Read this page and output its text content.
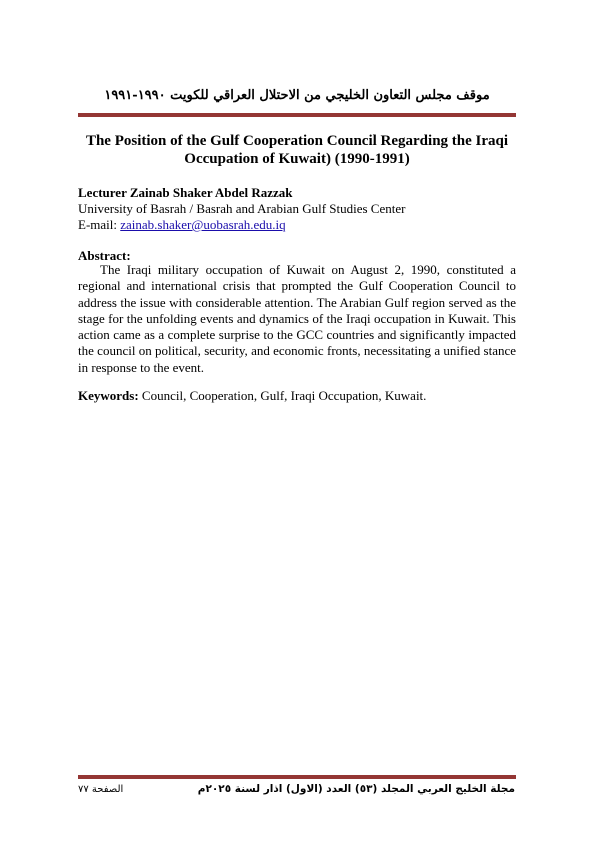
موقف مجلس التعاون الخليجي من الاحتلال العراقي للكويت ١٩٩٠-١٩٩١
The Position of the Gulf Cooperation Council Regarding the Iraqi Occupation of Kuwait) (1990-1991)
Lecturer Zainab Shaker Abdel Razzak
University of Basrah / Basrah and Arabian Gulf Studies Center
E-mail: zainab.shaker@uobasrah.edu.iq
Abstract:

The Iraqi military occupation of Kuwait on August 2, 1990, constituted a regional and international crisis that prompted the Gulf Cooperation Council to address the issue with considerable attention. The Arabian Gulf region served as the stage for the unfolding events and dynamics of the Iraqi occupation in Kuwait. This action came as a complete surprise to the GCC countries and significantly impacted the council on political, security, and economic fronts, necessitating a unified stance in response to the event.

Keywords: Council, Cooperation, Gulf, Iraqi Occupation, Kuwait.
مجلة الخليج العربي المجلد (٥٣) العدد (الاول) اذار لسنة ٢٠٢٥م
الصفحة ٧٧
